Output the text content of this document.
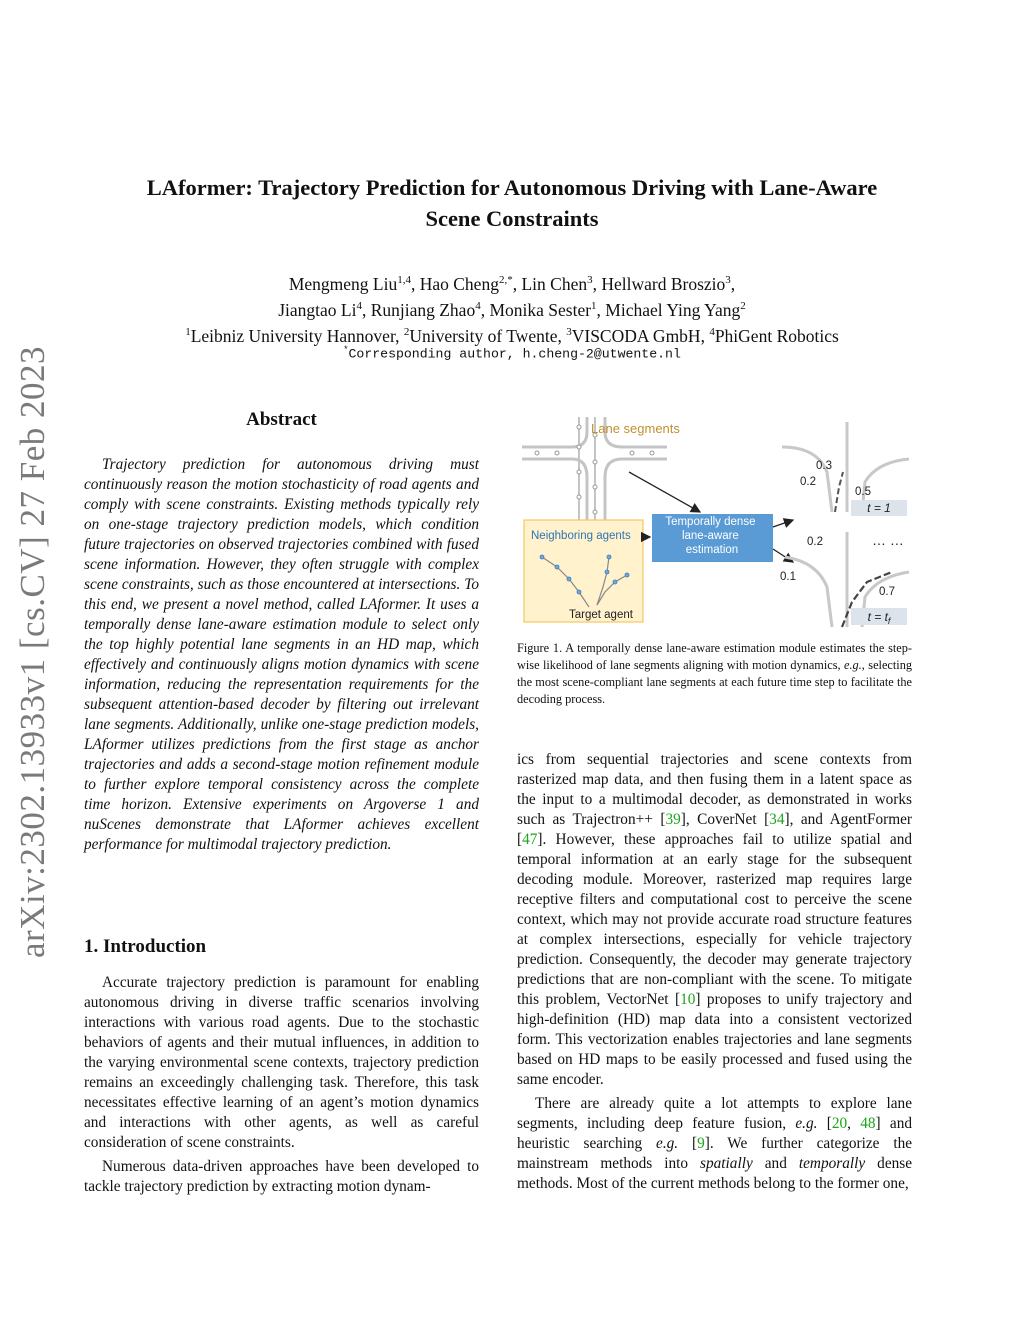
LAformer: Trajectory Prediction for Autonomous Driving with Lane-Aware
Scene Constraints
Mengmeng Liu$^{1,4}$, Hao Cheng$^{2,*}$, Lin Chen$^3$, Hellward Broszio$^3$,
Jiangtao Li$^4$, Runjiang Zhao$^4$, Monika Sester$^1$, Michael Ying Yang$^2$
$^1$Leibniz University Hannover, $^2$University of Twente, $^3$VISCODA GmbH, $^4$PhiGent Robotics
*Corresponding author, h.cheng-2@utwente.nl
arXiv:2302.13933v1 [cs.CV] 27 Feb 2023	Abstract
Trajectory prediction for autonomous driving must continuously reason the motion stochasticity of road agents and comply with scene constraints. Existing methods typically rely on one-stage trajectory prediction models, which condition future trajectories on observed trajectories combined with fused scene information. However, they often struggle with complex scene constraints, such as those encountered at intersections. To this end, we present a novel method, called LAformer. It uses a temporally dense lane-aware estimation module to select only the top highly potential lane segments in an HD map, which effectively and continuously aligns motion dynamics with scene information, reducing the representation requirements for the subsequent attention-based decoder by filtering out irrelevant lane segments. Additionally, unlike one-stage prediction models, LAformer utilizes predictions from the first stage as anchor trajectories and adds a second-stage motion refinement module to further explore temporal consistency across the complete time horizon. Extensive experiments on Argoverse 1 and nuScenes demonstrate that LAformer achieves excellent performance for multimodal trajectory prediction.
1. Introduction

Accurate trajectory prediction is paramount for enabling autonomous driving in diverse traffic scenarios involving interactions with various road agents. Due to the stochastic behaviors of agents and their mutual influences, in addition to the varying environmental scene contexts, trajectory prediction remains an exceedingly challenging task. Therefore, this task necessitates effective learning of an agent’s motion dynamics and interactions with other agents, as well as careful consideration of scene constraints.

Numerous data-driven approaches have been developed to tackle trajectory prediction by extracting motion dynam-

ics from sequential trajectories and scene contexts from rasterized map data, and then fusing them in a latent space as the input to a multimodal decoder, as demonstrated in works such as Trajectron++ [39], CoverNet [34], and AgentFormer [47]. However, these approaches fail to utilize spatial and temporal information at an early stage for the subsequent decoding module. Moreover, rasterized map requires large receptive filters and computational cost to perceive the scene context, which may not provide accurate road structure features at complex intersections, especially for vehicle trajectory prediction. Consequently, the decoder may generate trajectory predictions that are non-compliant with the scene. To mitigate this problem, VectorNet [10] proposes to unify trajectory and high-definition (HD) map data into a consistent vectorized form. This vectorization enables trajectories and lane segments based on HD maps to be easily processed and fused using the same encoder.

There are already quite a lot attempts to explore lane segments, including deep feature fusion, e.g. [20, 48] and heuristic searching e.g. [9]. We further categorize the mainstream methods into spatially and temporally dense methods. Most of the current methods belong to the former one,

Lane segments
Neighboring agents
Target agent
Temporally dense lane-aware estimation
0.3
0.2
0.5
t = 1
… …
0.2
0.1
0.7
$t = t_f$
Figure 1. A temporally dense lane-aware estimation module estimates the step-wise likelihood of lane segments aligning with motion dynamics, e.g., selecting the most scene-compliant lane segments at each future time step to facilitate the decoding process.
